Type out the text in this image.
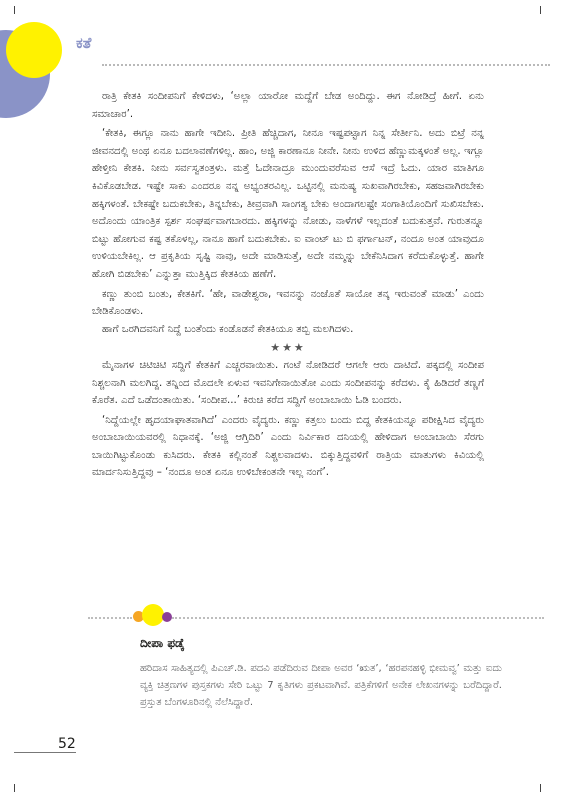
ಕತೆ

ರಾತ್ರಿ ಕೇತಕಿ ಸಂದೀಪನಿಗೆ ಕೇಳಿದಳು, ‘ಅಲ್ಲಾ ಯಾರೋ ಮದ್ದೆಗೆ ಬೇಡ ಅಂದಿದ್ದು. ಈಗ ನೋಡಿದ್ರೆ ಹೀಗೆ. ಏನು ಸಮಾಚಾರ’.

‘ಕೇತಕಿ, ಈಗ್ಲೂ ನಾನು ಹಾಗೇ ಇದೀನಿ. ಪ್ರೀತಿ ಹೆಚ್ಚಿದಾಗ, ನೀನೂ ಇಷ್ಟಪಟ್ಟಾಗ ನಿನ್ನ ಸೇರ್ತೀನಿ. ಅದು ಬಿಟ್ರೆ ನನ್ನ ಜೀವನದಲ್ಲಿ ಅಂಥ ಏನೂ ಬದಲಾವಣೆಗಳಿಲ್ಲ. ಹಾಂ, ಅಜ್ಜಿ ಕಾರಣಾನೂ ನೀನೇ. ನೀನು ಉಳಿದ ಹೆಣ್ಣುಮಕ್ಕಳಂತೆ ಅಲ್ಲ. ಇಗ್ಲೂ ಹೇಳ್ತೀನಿ ಕೇತಕಿ. ನೀನು ಸರ್ವಸ್ವತಂತ್ರಳು. ಮತ್ತೆ ಓದೇನಾದ್ರೂ ಮುಂದುವರೆಸುವ ಆಸೆ ಇದ್ರೆ ಓದು. ಯಾರ ಮಾತಿಗೂ ಕಿವಿಕೊಡಬೇಡ. ಇಷ್ಟೇ ಸಾಕು ಎಂದರೂ ನನ್ನ ಅಭ್ಯಂತರವಿಲ್ಲ. ಒಟ್ಟಿನಲ್ಲಿ ಮನುಷ್ಯ ಸುಖವಾಗಿರಬೇಕು, ಸಹಜವಾಗಿರಬೇಕು ಹಕ್ಕಿಗಳಂತೆ. ಬೇಕಷ್ಟೇ ಬದುಕಬೇಕು, ತಿನ್ನಬೇಕು, ತೀವ್ರವಾಗಿ ಸಾಂಗತ್ಯ ಬೇಕು ಅಂದಾಗಲಷ್ಟೇ ಸಂಗಾತಿಯೊಂದಿಗೆ ಸುಖಿಸಬೇಕು. ಅದೊಂದು ಯಾಂತ್ರಿಕ ಸ್ಪರ್ಶ ಸಂಘರ್ಷವಾಗಬಾರದು. ಹಕ್ಕಿಗಳನ್ನು ನೋಡು, ನಾಳೆಗಳೆ ಇಲ್ಲದಂತೆ ಬದುಕುತ್ತವೆ. ಗುರುತನ್ನೂ ಬಿಟ್ಟು ಹೋಗುವ ಕಷ್ಟ ತಕೊಳಲ್ಲ, ನಾನೂ ಹಾಗೆ ಬದುಕಬೇಕು. ಐ ವಾಂಟ್ ಟು ಬಿ ಫರ್ಗಾಟನ್, ನಂದೂ ಅಂತ ಯಾವುದೂ ಉಳಿಯಬೇಕಿಲ್ಲ. ಆ ಪ್ರಕೃತಿಯ ಸೃಷ್ಟಿ ನಾವು, ಅದೇ ಮಾಡಿಸುತ್ತೆ, ಅದೇ ನಮ್ಮನ್ನು ಬೇಕೆನಿಸಿದಾಗ ಕರೆದುಕೊಳ್ಳುತ್ತೆ. ಹಾಗೇ ಹೋಗಿ ಬಿಡಬೇಕು’ ಎನ್ನುತ್ತಾ ಮುತ್ತಿಕ್ಕಿದ ಕೇತಕಿಯ ಹಣೆಗೆ.

ಕಣ್ಣು ತುಂಬಿ ಬಂತು, ಕೇತಕಿಗೆ. ‘ಹೇ, ವಾಡೇಶ್ವರಾ, ಇವನನ್ನು ನಂಜೊತೆ ಸಾಯೋ ತನ್ಕ ಇರುವಂತೆ ಮಾಡು’ ಎಂದು ಬೇಡಿಕೊಂಡಳು.

ಹಾಗೆ ಒರಗಿದವನಿಗೆ ನಿದ್ದೆ ಬಂತೆಂದು ಕಂಡೊಡನೆ ಕೇತಕಿಯೂ ತಬ್ಬಿ ಮಲಗಿದಳು.

★★★

ಮೈನಾಗಳ ಚಿಟಿಚಿಟಿ ಸದ್ದಿಗೆ ಕೇತಕಿಗೆ ಎಚ್ಚರವಾಯಿತು. ಗಂಟೆ ನೋಡಿದರೆ ಆಗಲೇ ಆರು ದಾಟಿದೆ. ಪಕ್ಕದಲ್ಲಿ ಸಂದೀಪ ನಿಶ್ಚಲನಾಗಿ ಮಲಗಿದ್ದ. ತನ್ನಿಂದ ಮೊದಲೇ ಏಳುವ ಇವನಿಗೇನಾಯಿತೋ ಎಂದು ಸಂದೀಪನನ್ನು ಕರೆದಳು. ಕೈ ಹಿಡಿದರೆ ತಣ್ಣಗೆ ಕೊರೆತ. ಎದೆ ಒಡೆದಂತಾಯಿತು. ‘ಸಂದೀಪ...’ ಕಿರುಚಿ ಕರೆದ ಸದ್ದಿಗೆ ಅಂಬಾಬಾಯಿ ಓಡಿ ಬಂದರು.

‘ನಿದ್ದೆಯಲ್ಲೇ ಹೃದಯಾಘಾತವಾಗಿದೆ’ ಎಂದರು ವೈದ್ಯರು. ಕಣ್ಣು ಕತ್ತಲು ಬಂದು ಬಿದ್ದ ಕೇತಕಿಯನ್ನೂ ಪರೀಕ್ಷಿಸಿದ ವೈದ್ಯರು ಅಂಬಾಬಾಯಿಯವರಲ್ಲಿ ನಿಧಾನಕ್ಕೆ. ‘ಅಜ್ಜಿ ಆಗ್ತಿದಿರಿ’ ಎಂದು ನಿರ್ವಿಕಾರ ದನಿಯಲ್ಲಿ ಹೇಳಿದಾಗ ಅಂಬಾಬಾಯಿ ಸೆರಗು ಬಾಯಿಗಿಟ್ಟುಕೊಂಡು ಕುಸಿದರು. ಕೇತಕಿ ಕಲ್ಲಿನಂತೆ ನಿಶ್ಚಲವಾದಳು. ಬಿಕ್ಕುತ್ತಿದ್ದವಳಿಗೆ ರಾತ್ರಿಯ ಮಾತುಗಳು ಕಿವಿಯಲ್ಲಿ ಮಾರ್ದನಿಸುತ್ತಿದ್ದವು – ‘ನಂದೂ ಅಂತ ಏನೂ ಉಳಿಬೇಕಂತನೇ ಇಲ್ಲ ನಂಗೆ’.

ದೀಪಾ ಫಡ್ಕೆ
ಹರಿದಾಸ ಸಾಹಿತ್ಯದಲ್ಲಿ ಪಿಎಚ್.ಡಿ. ಪದವಿ ಪಡೆದಿರುವ ದೀಪಾ ಅವರ ‘ಋತ’, ‘ಹರಪನಹಳ್ಳಿ ಭೀಮವ್ವ’ ಮತ್ತು ಐದು ವ್ಯಕ್ತಿ ಚಿತ್ರಣಗಳ ಪುಸ್ತಕಗಳು ಸೇರಿ ಒಟ್ಟು 7 ಕೃತಿಗಳು ಪ್ರಕಟವಾಗಿವೆ. ಪತ್ರಿಕೆಗಳಿಗೆ ಅನೇಕ ಲೇಖನಗಳನ್ನು ಬರೆದಿದ್ದಾರೆ. ಪ್ರಸ್ತುತ ಬೆಂಗಳೂರಿನಲ್ಲಿ ನೆಲೆಸಿದ್ದಾರೆ.
52
